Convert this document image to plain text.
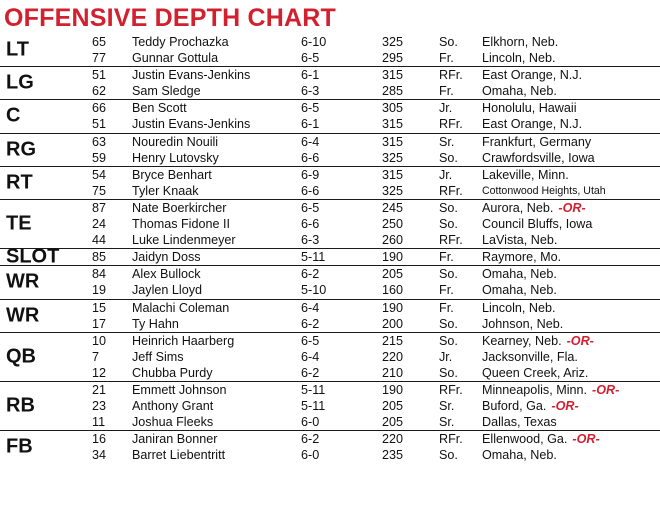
OFFENSIVE DEPTH CHART
LT	65 Teddy Prochazka	6-10	325	So. Elkhorn, Neb.
77 Gunnar Gottula	6-5	295	Fr. Lincoln, Neb.
LG	51 Justin Evans-Jenkins	6-1	315	RFr. East Orange, N.J.
62 Sam Sledge	6-3	285	Fr. Omaha, Neb.
C	66 Ben Scott	6-5	305	Jr. Honolulu, Hawaii
51 Justin Evans-Jenkins	6-1	315	RFr. East Orange, N.J.
RG	63 Nouredin Nouili	6-4	315	Sr. Frankfurt, Germany
59 Henry Lutovsky	6-6	325	So. Crawfordsville, Iowa
RT	54 Bryce Benhart	6-9	315	Jr. Lakeville, Minn.
75 Tyler Knaak	6-6	325	RFr. Cottonwood Heights, Utah
TE
87 Nate Boerkircher	6-5	245	So. Aurora, Neb. -OR-
24 Thomas Fidone II	6-6	250	So. Council Bluffs, Iowa
44 Luke Lindenmeyer	6-3	260	RFr. LaVista, Neb.
SLOT	85 Jaidyn Doss	5-11	190	Fr. Raymore, Mo.
WR	84 Alex Bullock	6-2	205	So. Omaha, Neb.
19 Jaylen Lloyd	5-10	160	Fr. Omaha, Neb.
WR	15 Malachi Coleman	6-4	190	Fr. Lincoln, Neb.
17 Ty Hahn	6-2	200	So. Johnson, Neb.
QB
10 Heinrich Haarberg	6-5	215	So. Kearney, Neb. -OR-
7	Jeff Sims	6-4	220	Jr. Jacksonville, Fla.
12 Chubba Purdy	6-2	210	So. Queen Creek, Ariz.
RB
21 Emmett Johnson	5-11	190	RFr. Minneapolis, Minn. -OR-
23 Anthony Grant	5-11	205	Sr. Buford, Ga. -OR-
11 Joshua Fleeks	6-0	205	Sr. Dallas, Texas
FB	16 Janiran Bonner	6-2	220	RFr. Ellenwood, Ga. -OR-
34 Barret Liebentritt	6-0	235	So. Omaha, Neb.
